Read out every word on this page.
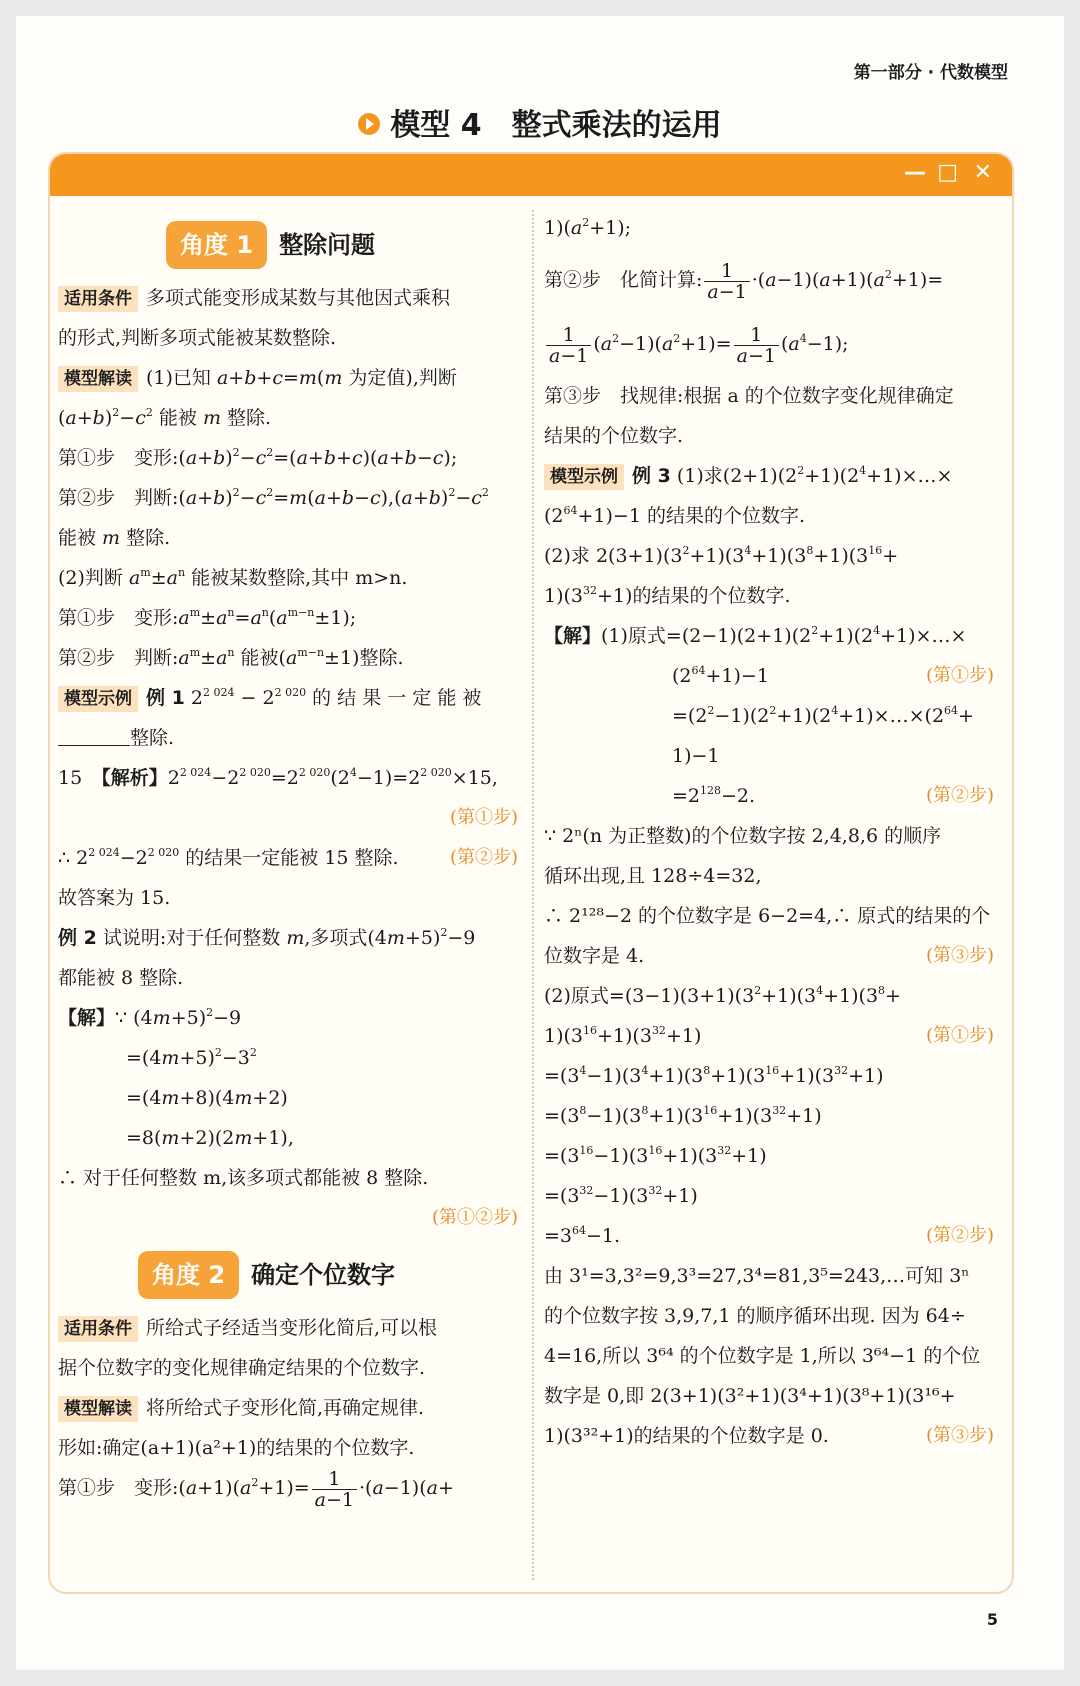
第一部分 · 代数模型
模型 4 整式乘法的运用
— □ ✕
角度 1	整除问题
适用条件 多项式能变形成某数与其他因式乘积
的形式,判断多项式能被某数整除.
模型解读 (1)已知 a+b+c=m(m 为定值),判断
$(a+b)^2-c^2$ 能被 m 整除.
第①步　变形$:(a+b)^2-c^2=(a+b+c)(a+b-c)$;
第②步　判断$:(a+b)^2-c^2=m(a+b-c),(a+b)^2-c^2$
能被 m 整除.
(2)判断 $a^m\pm a^n$ 能被某数整除,其中 m>n.
第①步　变形$:a^m\pm a^n=a^n(a^{m-n}\pm 1)$;
第②步　判断$:a^m\pm a^n$ 能被$(a^{m-n}\pm 1)$整除.
模型示例 例 1 $2^{2 024} - 2^{2 020}$ 的 结 果 一 定 能 被
整除.
15　 【解析】$2^{2 024}-2^{2 020}=2^{2 020}(2^4-1)=2^{2 020}\times 15$,
(第①步)
∴ $2^{2 024}-2^{2 020}$ 的结果一定能被 15 整除.	(第②步)
故答案为 15.
例 2 试说明:对于任何整数 m,多项式$(4m+5)^2-9$
都能被 8 整除.
【解】∵ $(4m+5)^2-9$
$=(4m+5)^2-3^2$
=(4m+8)(4m+2)
=8(m+2)(2m+1),
∴ 对于任何整数 m,该多项式都能被 8 整除.
(第①②步)
角度 2	确定个位数字
适用条件 所给式子经适当变形化简后,可以根
据个位数字的变化规律确定结果的个位数字.
模型解读 将所给式子变形化简,再确定规律.
形如:确定(a+1)(a²+1)的结果的个位数字.
第①步　变形$:(a+1)(a^2+1)= \frac{1}{a-1} \cdot(a-1)(a+$
$1)(a^2+1)$;
第②步　化简计算: $\frac{1}{a-1} \cdot(a-1)(a+1)(a^2+1)=$
$\frac{1}{a-1} (a^2-1)(a^2+1)= \frac{1}{a-1} (a^4-1)$;
第③步　找规律:根据 a 的个位数字变化规律确定
结果的个位数字.
模型示例 例 3 (1)求$(2+1)(2^2+1)(2^4+1)\times\dots\times$
$(2^{64}+1)-1$ 的结果的个位数字.
(2)求 $2(3+1)(3^2+1)(3^4+1)(3^8+1)(3^{16}+$
$1)(3^{32}+1)$的结果的个位数字.
【解】(1)原式$=(2-1)(2+1)(2^2+1)(2^4+1)\times\dots\times$
$(2^{64}+1)-1$	(第①步)
$=(2^2-1)(2^2+1)(2^4+1)\times\dots\times(2^{64}+$
1)−1
$=2^{128}-2$.	(第②步)
∵ 2ⁿ(n 为正整数)的个位数字按 2,4,8,6 的顺序
循环出现,且 128÷4=32,
∴ 2¹²⁸−2 的个位数字是 6−2=4,∴ 原式的结果的个
位数字是 4.	(第③步)
(2)原式$=(3-1)(3+1)(3^2+1)(3^4+1)(3^8+$
$1)(3^{16}+1)(3^{32}+1)$	(第①步)
$=(3^4-1)(3^4+1)(3^8+1)(3^{16}+1)(3^{32}+1)$
$=(3^8-1)(3^8+1)(3^{16}+1)(3^{32}+1)$
$=(3^{16}-1)(3^{16}+1)(3^{32}+1)$
$=(3^{32}-1)(3^{32}+1)$
$=3^{64}-1$.	(第②步)
由 3¹=3,3²=9,3³=27,3⁴=81,3⁵=243,…可知 3ⁿ
的个位数字按 3,9,7,1 的顺序循环出现. 因为 64÷
4=16,所以 3⁶⁴ 的个位数字是 1,所以 3⁶⁴−1 的个位
数字是 0,即 2(3+1)(3²+1)(3⁴+1)(3⁸+1)(3¹⁶+
1)(3³²+1)的结果的个位数字是 0.	(第③步)
5
